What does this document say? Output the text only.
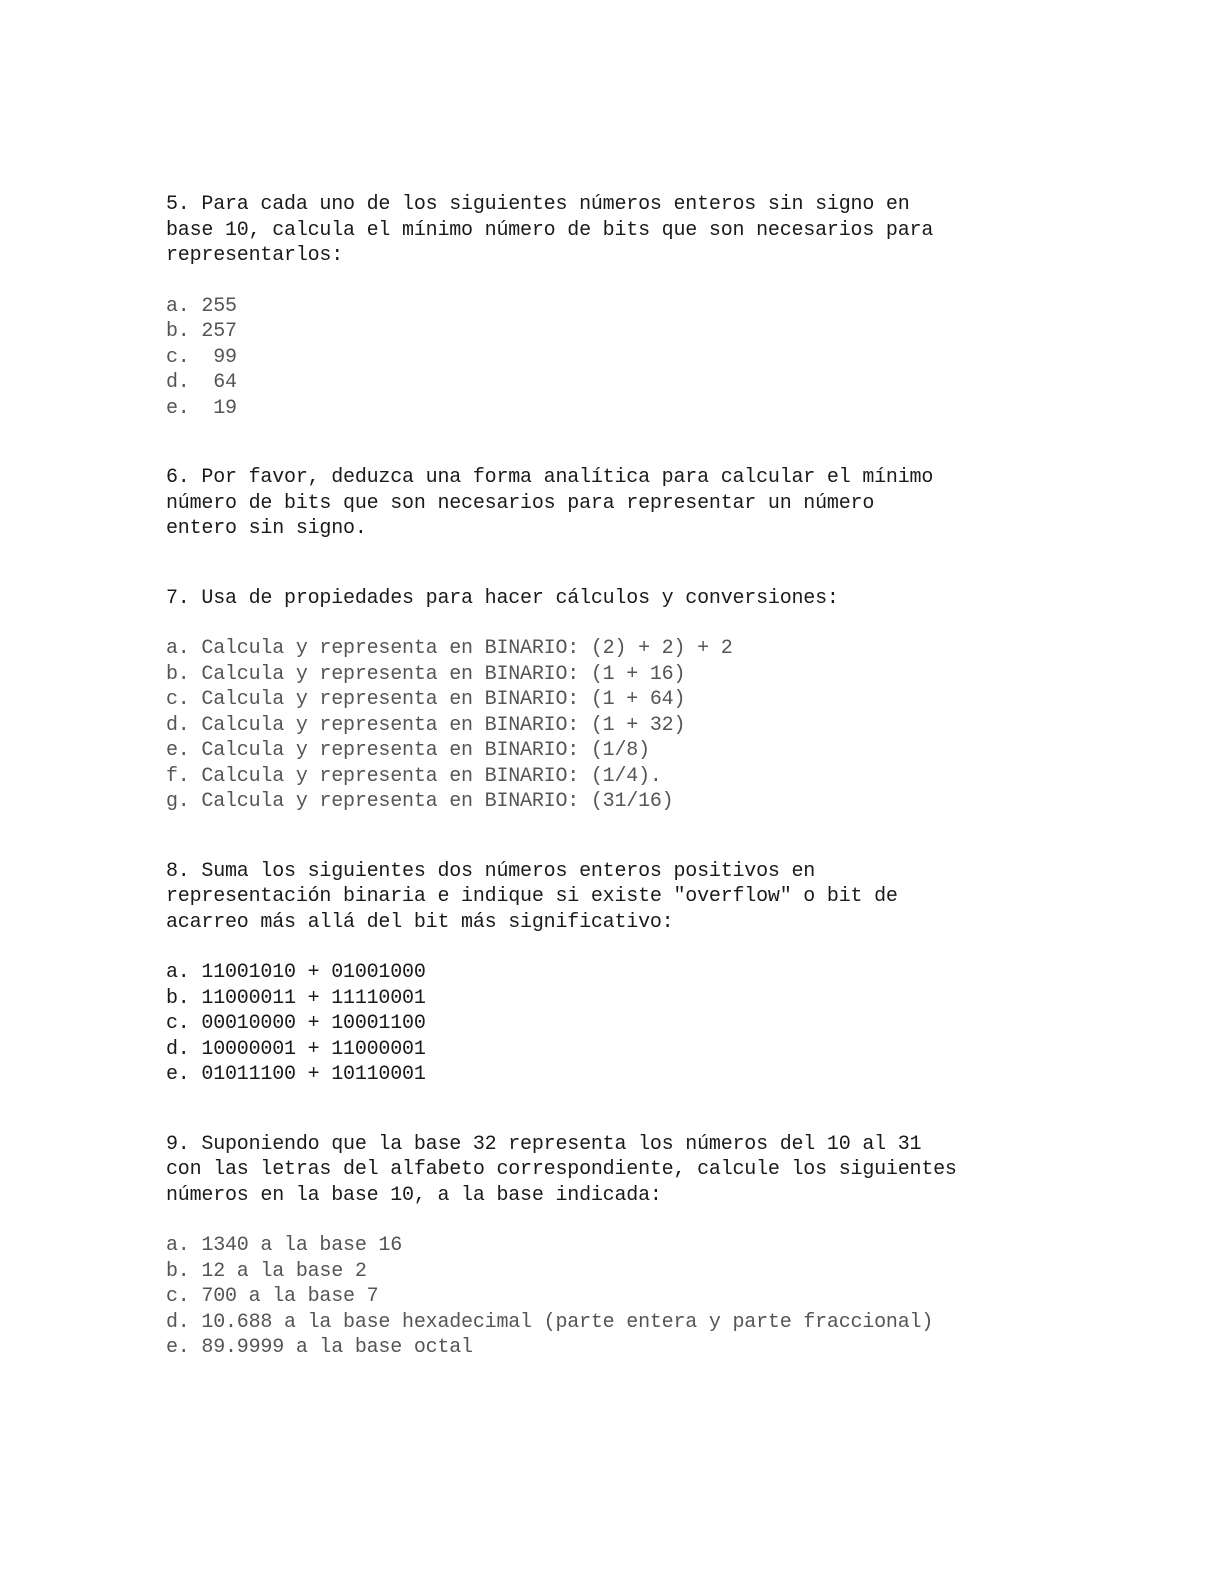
5. Para cada uno de los siguientes números enteros sin signo en
base 10, calcula el mínimo número de bits que son necesarios para
representarlos:

a. 255
b. 257
c.  99
d.  64
e.  19

6. Por favor, deduzca una forma analítica para calcular el mínimo
número de bits que son necesarios para representar un número
entero sin signo.

7. Usa de propiedades para hacer cálculos y conversiones:

a. Calcula y representa en BINARIO: (2) + 2) + 2
b. Calcula y representa en BINARIO: (1 + 16)
c. Calcula y representa en BINARIO: (1 + 64)
d. Calcula y representa en BINARIO: (1 + 32)
e. Calcula y representa en BINARIO: (1/8)
f. Calcula y representa en BINARIO: (1/4).
g. Calcula y representa en BINARIO: (31/16)

8. Suma los siguientes dos números enteros positivos en
representación binaria e indique si existe "overflow" o bit de
acarreo más allá del bit más significativo:

a. 11001010 + 01001000
b. 11000011 + 11110001
c. 00010000 + 10001100
d. 10000001 + 11000001
e. 01011100 + 10110001

9. Suponiendo que la base 32 representa los números del 10 al 31
con las letras del alfabeto correspondiente, calcule los siguientes
números en la base 10, a la base indicada:

a. 1340 a la base 16
b. 12 a la base 2
c. 700 a la base 7
d. 10.688 a la base hexadecimal (parte entera y parte fraccional)
e. 89.9999 a la base octal
